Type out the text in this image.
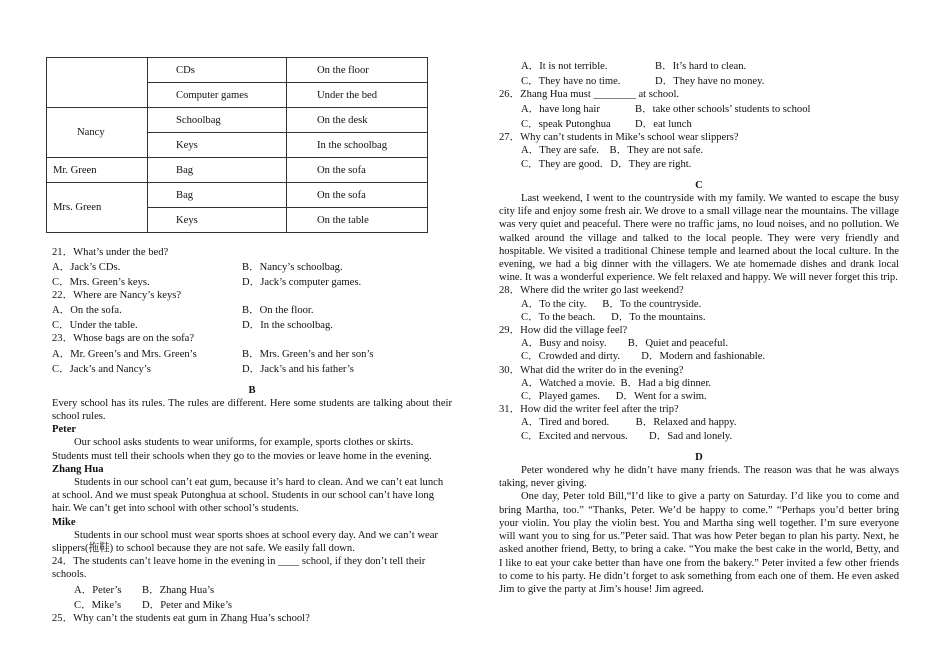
	CDs	On the floor
	Computer games	Under the bed
Nancy	Schoolbag	On the desk
	Keys	In the schoolbag
Mr. Green	Bag	On the sofa
Mrs. Green	Bag	On the sofa
	Keys	On the table

21．What’s under the bed?

A．Jack’s CDs.	B．Nancy’s schoolbag.
C．Mrs. Green’s keys.	D．Jack’s computer games.

22．Where are Nancy’s keys?

A．On the sofa.	B．On the floor.
C．Under the table.	D．In the schoolbag.

23．Whose bags are on the sofa?

A．Mr. Green’s and Mrs. Green’s	B．Mrs. Green’s and her son’s
C．Jack’s and Nancy’s	D．Jack’s and his father’s

B

Every school has its rules. The rules are different. Here some students are talking about their school rules.

Peter

Our school asks students to wear uniforms, for example, sports clothes or skirts. Students must tell their schools when they go to the movies or leave home in the evening.

Zhang Hua

Students in our school can’t eat gum, because it’s hard to clean. And we can’t eat lunch at school. And we must speak Putonghua at school. Students in our school can’t have long hair. We can’t get into school with other school’s students.

Mike

Students in our school must wear sports shoes at school every day. And we can’t wear slippers(拖鞋) to school because they are not safe. We easily fall down.

24．The students can’t leave home in the evening in ____ school, if they don’t tell their schools.

A．Peter’s	B．Zhang Hua’s
C．Mike’s	D．Peter and Mike’s

25．Why can’t the students eat gum in Zhang Hua’s school?

A．It is not terrible.	B．It’s hard to clean.
C．They have no time.	D．They have no money.

26．Zhang Hua must ________ at school.

A．have long hair	B．take other schools’ students to school
C．speak Putonghua	D．eat lunch

27．Why can’t students in Mike’s school wear slippers?

A．They are safe.    B．They are not safe.

C．They are good.   D．They are right.

C

Last weekend, I went to the countryside with my family. We wanted to escape the busy city life and enjoy some fresh air. We drove to a small village near the mountains. The village was very quiet and peaceful. There were no traffic jams, no loud noises, and no pollution. We walked around the village and talked to the local people. They were very friendly and hospitable. We visited a traditional Chinese temple and learned about the local culture. In the evening, we had a big dinner with the villagers. We ate homemade dishes and drank local wine. It was a wonderful experience. We felt relaxed and happy. We will never forget this trip.

28．Where did the writer go last weekend?

A．To the city.      B．To the countryside.

C．To the beach.      D．To the mountains.

29．How did the village feel?

A．Busy and noisy.        B．Quiet and peaceful.

C．Crowded and dirty.        D．Modern and fashionable.

30．What did the writer do in the evening?

A．Watched a movie.  B．Had a big dinner.

C．Played games.      D．Went for a swim.

31．How did the writer feel after the trip?

A．Tired and bored.          B．Relaxed and happy.

C．Excited and nervous.        D．Sad and lonely.

D

Peter wondered why he didn’t have many friends. The reason was that he was always taking, never giving.

One day, Peter told Bill,“I’d like to give a party on Saturday. I’d like you to come and bring Martha, too.” “Thanks, Peter. We’d be happy to come.” “Perhaps you’d better bring your violin. You play the violin best. You and Martha sing well together. I’m sure everyone will want you to sing for us.”Peter said. That was how Peter began to plan his party. Next, he asked another friend, Betty, to bring a cake. “You make the best cake in the world, Betty, and I like to eat your cake better than have one from the bakery.” Peter invited a few other friends to come to his party. He didn’t forget to ask something from each one of them. He even asked Jim to give the party at Jim’s house! Jim agreed.
